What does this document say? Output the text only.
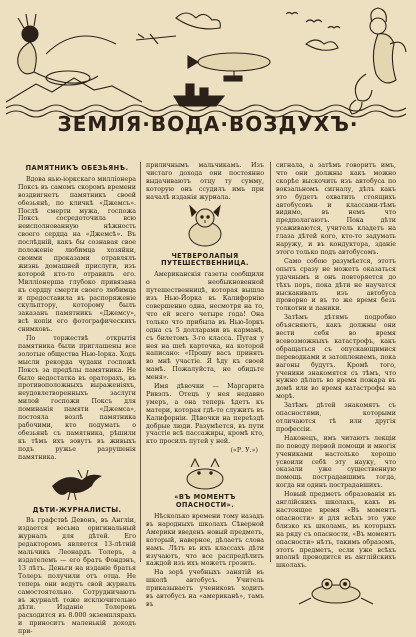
ЗЕМЛЯ·ВОДА·ВОЗДУХЪ·
ПАМЯТНИКЪ ОБЕЗЬЯНѢ.

Вдова нью-іоркскаго милліонера Поксъ въ самомъ скоромъ времени воздвигнетъ памятникъ своей обезьянѣ, по кличкѣ «Джемсъ». Послѣ смерти мужа, госпожа Поксъ сосредоточила всю неисполнованную нѣжность своего сердца на «Джемсѣ». Въ послѣдній, какъ бы сознавая свое положеніе любимца хозяйки, своими проказами отравлялъ жизнь домашней прислуги, изъ которой кто-то отравилъ его. Милліонерша глубоко привязана къ сердцу смерти своего любимца и предоставила въ распоряженіе скульптору, которому былъ заказанъ памятникъ «Джемсу», всѣ копіи его фотографическихъ снимковъ.

По торжествѣ открытія памятника были приглашены все золотые общества Нью-Іорка. Ходъ мысли рекорда чудаки госпожѣ Поксъ за предѣлы памятника. Не было недостатка въ ораторахъ, въ противоположныхъ выраженіяхъ, неудовлетворенныхъ заслуги милой госпожи Поксъ для поминанія памяти «Джемса», постояла возлѣ памятника рабочими, кто подумать о обезьянѣ съ памятника, рѣшили къ тѣмъ ихъ зовутъ въ живыхъ подъ ружье разрушенія памятника.

ДѢТИ-ЖУРНАЛИСТЫ.

Въ графствѣ Девонъ, въ Англіи, издается весьма оригинальный журналъ для дѣтей. Его редакторомъ является 13-лѣтній мальчикъ Леонардъ Толеръ, а издателемъ — его братъ Фондэнъ, 13 лѣтъ. Деньги на изданіе братья Толеръ получили отъ отца. Не теперь они ведутъ свой журналъ самостоятельно. Сотрудничаютъ въ журналѣ тоже исключительно дѣти. Изданіе Толеровъ расходится въ 8.000 экземплярахъ и приноситъ маленькій доходъ при-

приличнымъ мальчикамъ. Изъ чистаго дохода они постоянно выдачиваютъ отцу ту сумму, которую онъ ссудилъ имъ при началѣ изданія журнала.

ЧЕТВЕРОЛАПЫЯ ПУТЕШЕСТВЕННИЦА.

Американскія газеты сообщили о необыкновенной путешественницѣ, которая вышла изъ Нью-Йорка въ Калифорнію совершенно одна, несмотря на то, что ей всего четыре года! Она только что прибыла въ Нью-Іоркъ одна съ 5 долларами въ карманѣ, съ билетомъ 3-го класса. Пугая у нея на шеѣ карточка, на которой написано: «Прошу васъ принять во мнѣ участіе. Я ѣду къ своей мамѣ. Пожалуйста, не обидьте меня».

Имя дѣвочки — Маргарита Ривэлъ. Отецъ у нея недавно умеръ, а она теперь ѣдетъ къ матери, которая гдѣ-то служитъ въ Калифорніи. Дѣвочки на переѣздѣ добрые люди. Разумѣется, въ пути участіе всѣ пассажиры, кромѣ кто, кто просилъ путей у ней.

(«Р. У.»)
«ВЪ МОМЕНТЪ ОПАСНОСТИ».

Нѣсколько времени тому назадъ въ народныхъ школахъ Сѣверной Америки введенъ новый предметъ, который, наверное, дѣлаетъ слова намъ. Лѣтъ въ ихъ классахъ дѣти изучаютъ, что все распредѣлить каждой изъ ихъ можетъ грозить.

На зорѣ учебныхъ занятій въ школѣ автобусъ. Учитель приказываетъ учениковъ ходить въ автобусъ на «американѣ», тамъ въ

сигнала, а затѣмъ говоритъ имъ, что они должны какъ можно скорѣе выскочить изъ автобуса по вокзальномъ сигналу, дѣлъ какъ это будетъ охватить стоящихъ автобусовъ и классами-тѣмъ видимо, въ немъ что предполагаютъ. Пока дѣти усаживаются, учитель кладетъ на глаза дѣтей кого, кто-то задумать наружу, и въ кондуктора, зданіе этого только подъ автобусомъ.

Само собою разумѣется, этотъ опытъ сразу не можетъ оказаться удачнымъ и онъ повторяется до тѣхъ поръ, пока дѣти не научатся выскакивать изъ автобуса проворно и въ то же время безъ толкотни и паники.

Затѣмъ дѣтямъ подробно объясняютъ, какъ должны они вести себя во время всевозможныхъ катастрофъ, какъ обращаться съ опускающимися переводками и затоплениемъ, пока вагоны будутъ. Кромѣ того, ученики знакомятся съ тѣмъ, что нужно дѣлать во время пожара въ домѣ или во время катастрофы на морѣ.

Затѣмъ дѣтей знакомятъ съ опасностями, которыми отличаются тѣ или другія профессіи.

Наконецъ, имъ читаютъ лекціи по поводу первой помощи и многія учениками настолько хорошо усвоили себѣ эту науку, что оказали уже существенную помощь пострадавшимъ тогда, когда ни одинъ пострадавшихъ.

Новый предметъ образованія въ англійскихъ школахъ, какъ въ настоящее время «Въ моментъ опасности» и для всѣхъ это уже близко къ школамъ, въ которыхъ на ряду съ опасности, «Въ моментъ опасности» нѣтъ, такимъ образомъ, этотъ предметъ, если уже всѣхъ вполнѣ проводится въ англійскихъ школахъ.
